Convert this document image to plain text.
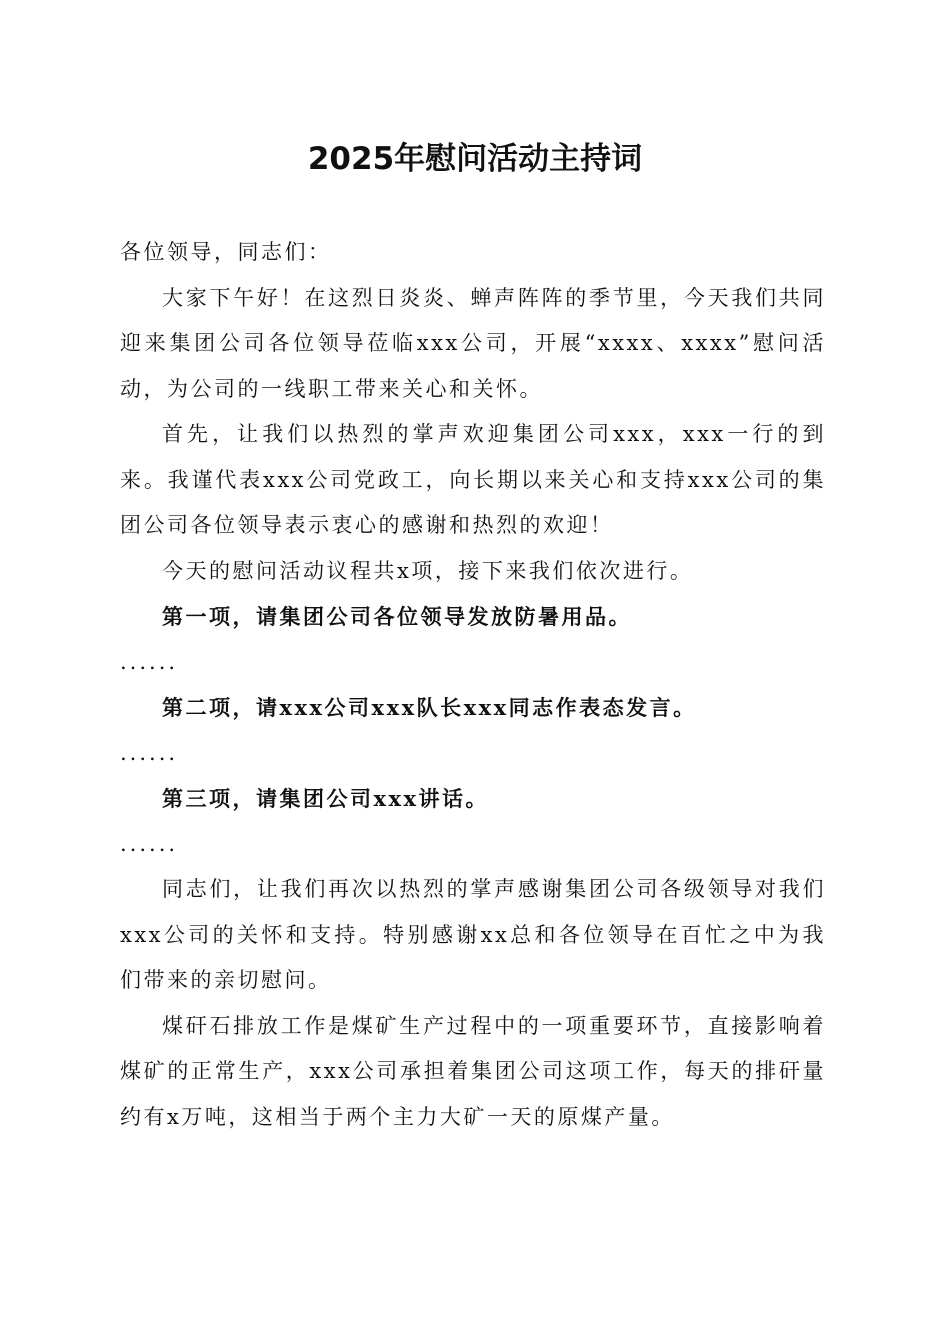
2025年慰问活动主持词

各位领导，同志们：

大家下午好！在这烈日炎炎、蝉声阵阵的季节里，今天我们共同迎来集团公司各位领导莅临xxx公司，开展“xxxx、xxxx”慰问活动，为公司的一线职工带来关心和关怀。

首先，让我们以热烈的掌声欢迎集团公司xxx，xxx一行的到来。我谨代表xxx公司党政工，向长期以来关心和支持xxx公司的集团公司各位领导表示衷心的感谢和热烈的欢迎！

今天的慰问活动议程共x项，接下来我们依次进行。

第一项，请集团公司各位领导发放防暑用品。

......

第二项，请xxx公司xxx队长xxx同志作表态发言。

......

第三项，请集团公司xxx讲话。

......

同志们，让我们再次以热烈的掌声感谢集团公司各级领导对我们xxx公司的关怀和支持。特别感谢xx总和各位领导在百忙之中为我们带来的亲切慰问。

煤矸石排放工作是煤矿生产过程中的一项重要环节，直接影响着煤矿的正常生产，xxx公司承担着集团公司这项工作，每天的排矸量约有x万吨，这相当于两个主力大矿一天的原煤产量。
